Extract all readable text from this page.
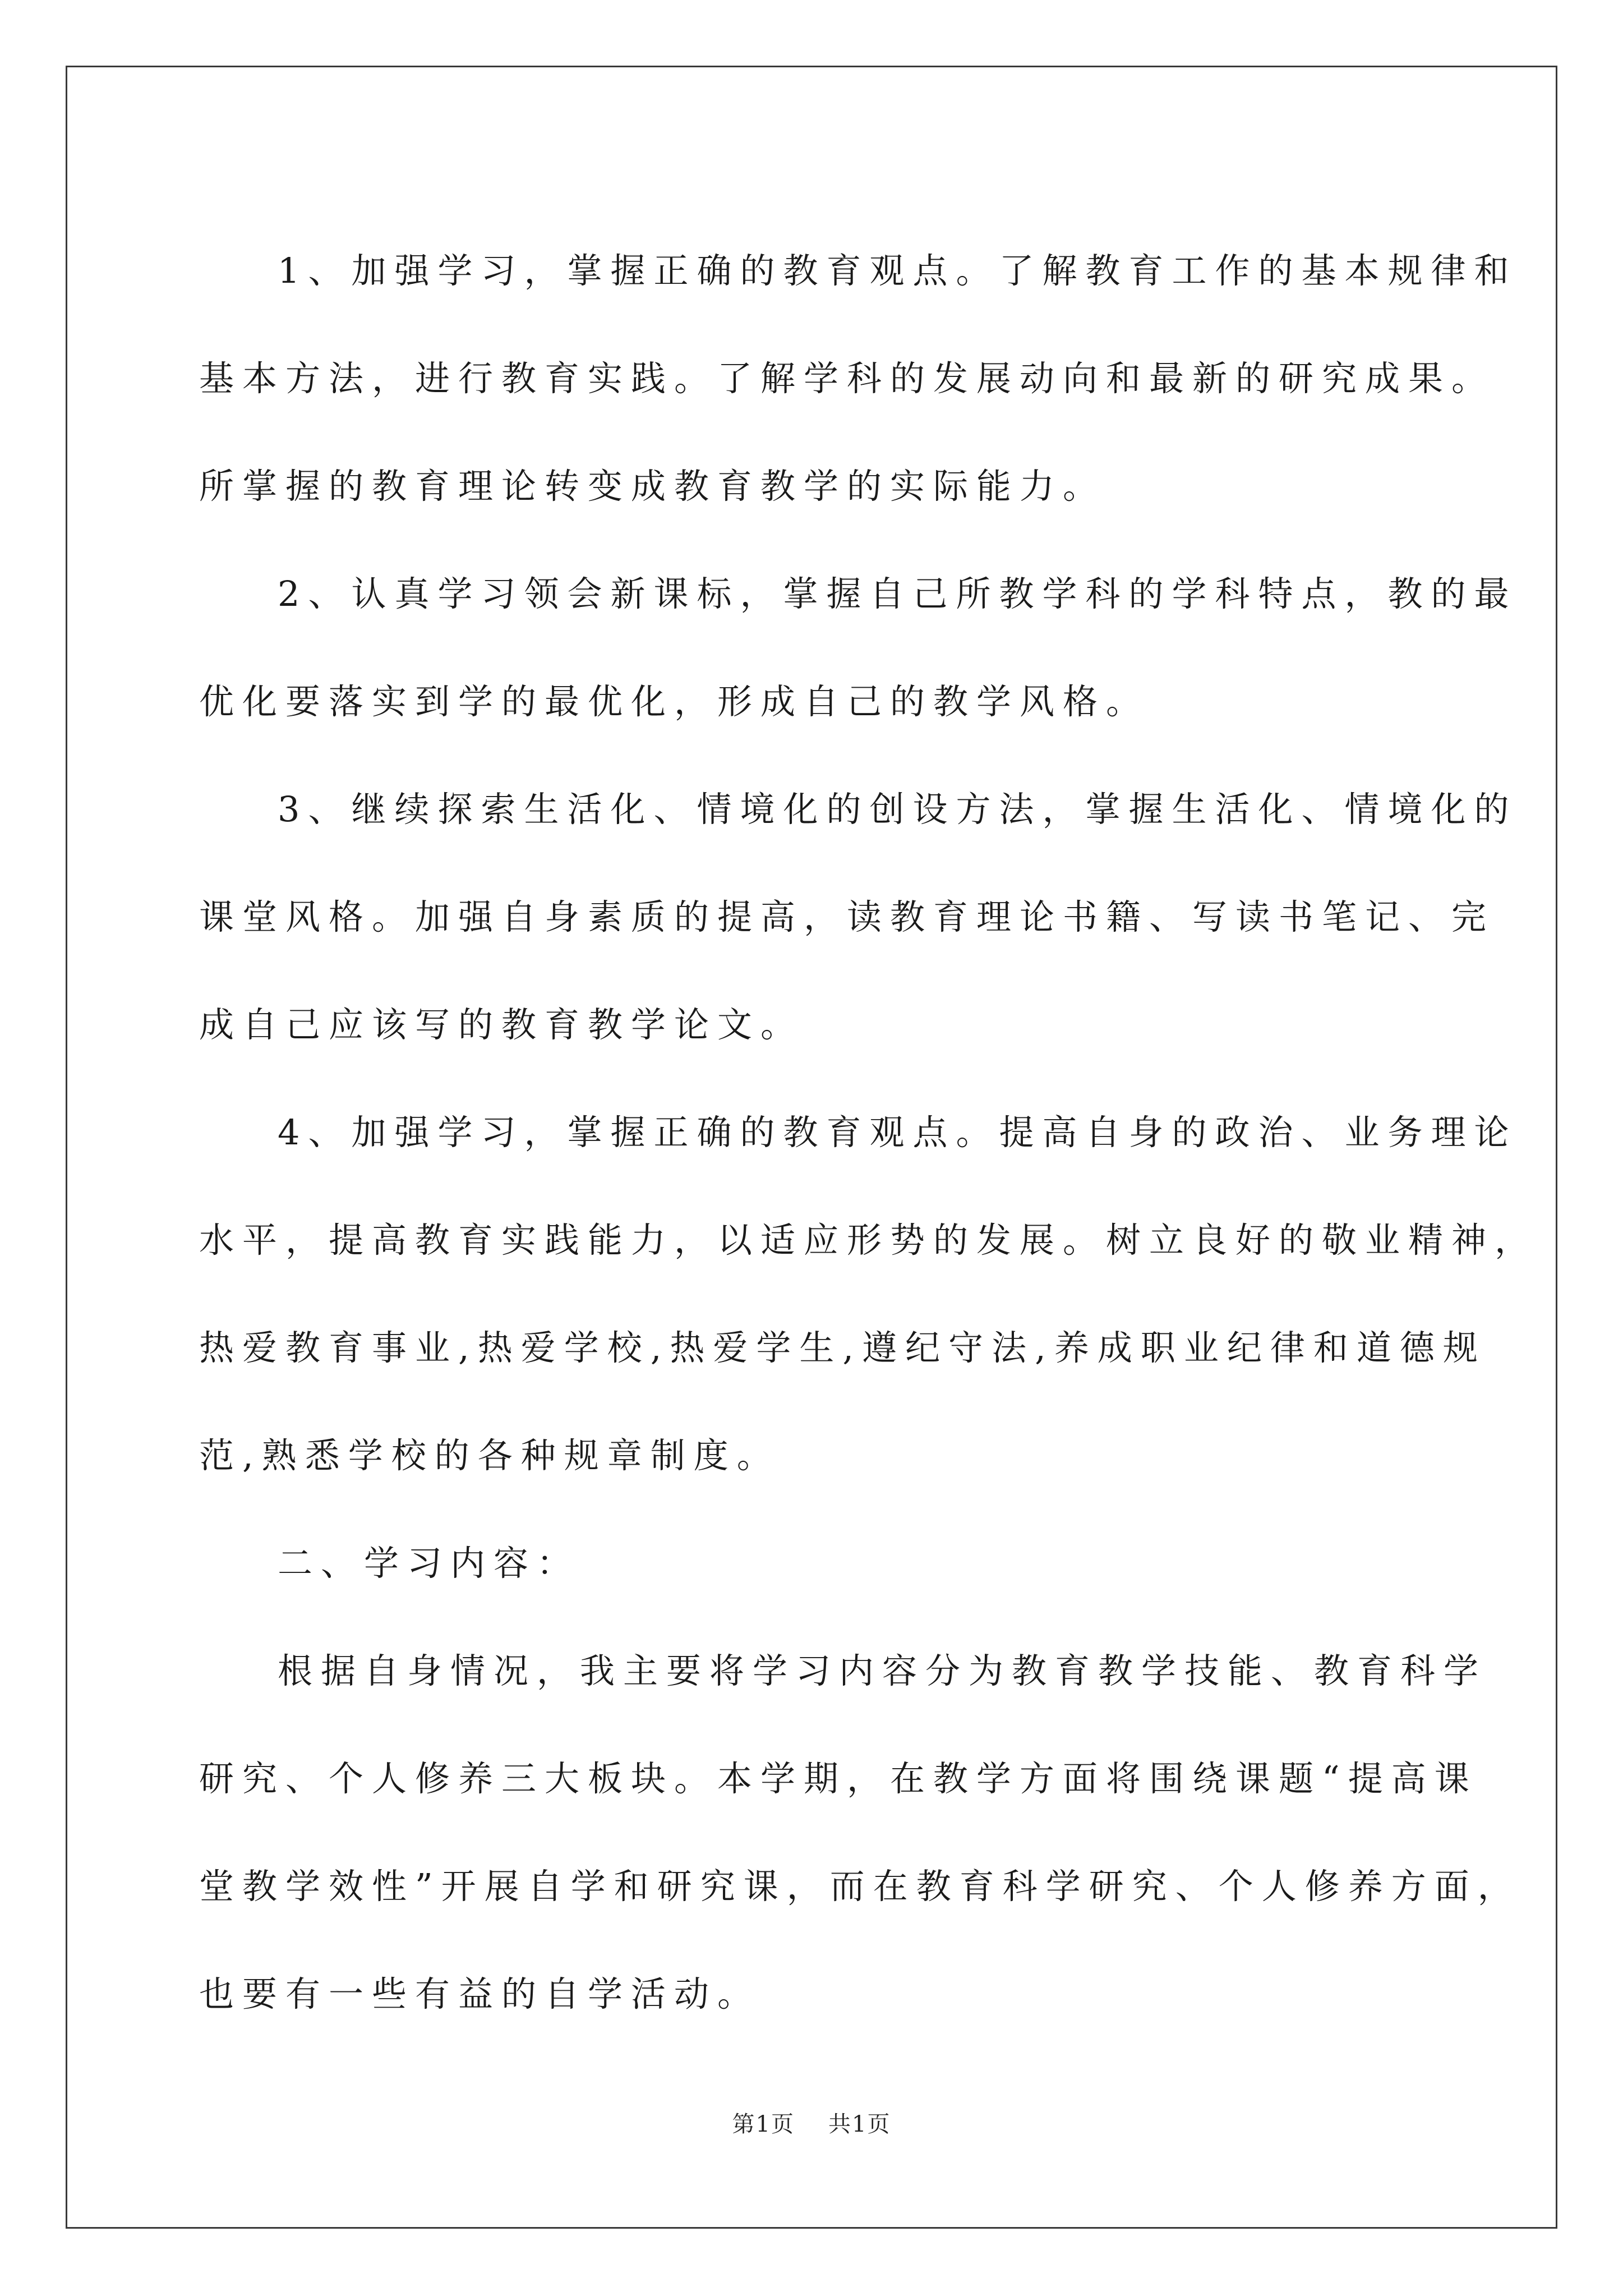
1、加强学习，掌握正确的教育观点。了解教育工作的基本规律和
基本方法，进行教育实践。了解学科的发展动向和最新的研究成果。
所掌握的教育理论转变成教育教学的实际能力。
2、认真学习领会新课标，掌握自己所教学科的学科特点，教的最
优化要落实到学的最优化，形成自己的教学风格。
3、继续探索生活化、情境化的创设方法，掌握生活化、情境化的
课堂风格。加强自身素质的提高，读教育理论书籍、写读书笔记、完
成自己应该写的教育教学论文。
4、加强学习，掌握正确的教育观点。提高自身的政治、业务理论
水平，提高教育实践能力，以适应形势的发展。树立良好的敬业精神，
热爱教育事业,热爱学校,热爱学生,遵纪守法,养成职业纪律和道德规
范,熟悉学校的各种规章制度。
二、学习内容：
根据自身情况，我主要将学习内容分为教育教学技能、教育科学
研究、个人修养三大板块。本学期，在教学方面将围绕课题“提高课
堂教学效性”开展自学和研究课，而在教育科学研究、个人修养方面，
也要有一些有益的自学活动。
第1页 共1页
